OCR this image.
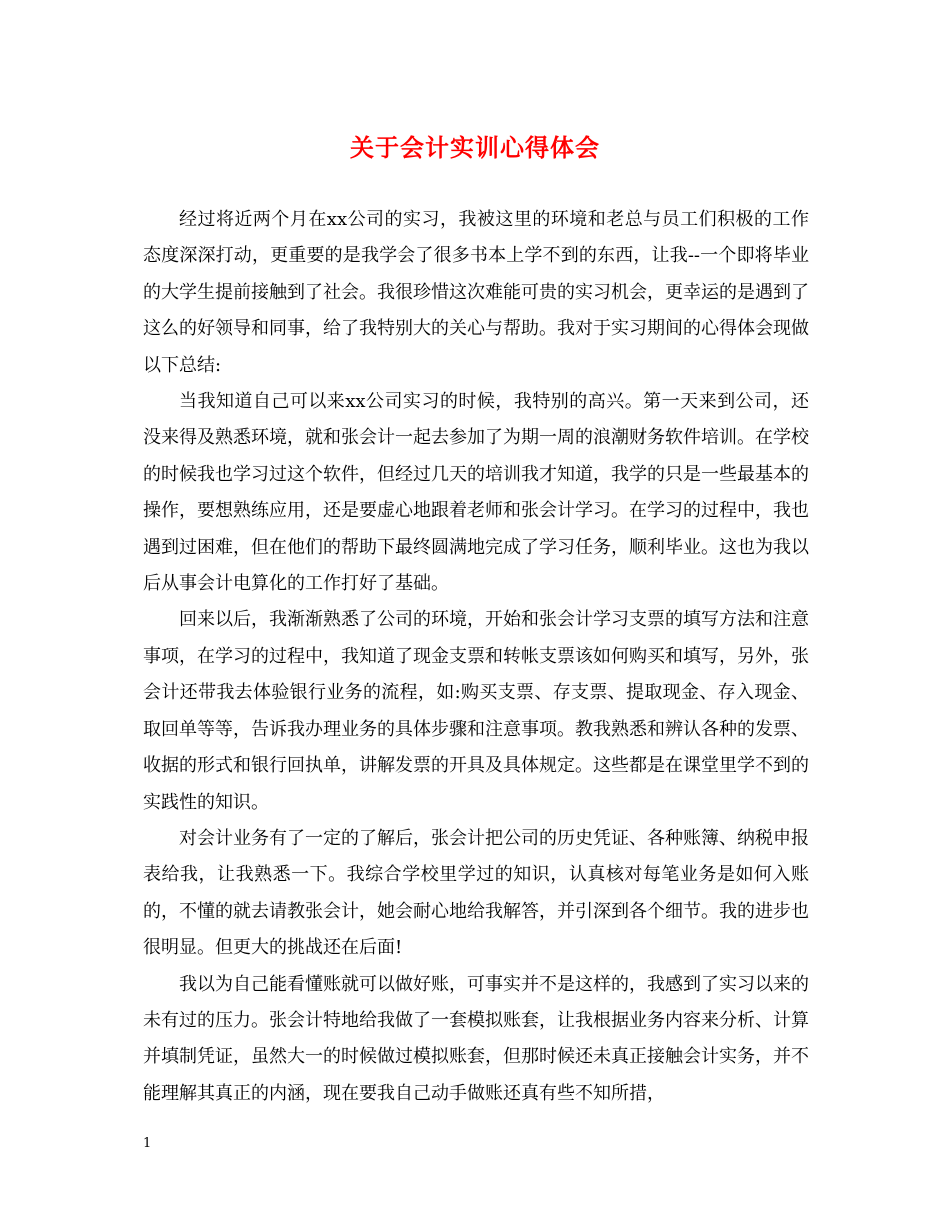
关于会计实训心得体会

经过将近两个月在xx公司的实习，我被这里的环境和老总与员工们积极的工作态度深深打动，更重要的是我学会了很多书本上学不到的东西，让我--一个即将毕业的大学生提前接触到了社会。我很珍惜这次难能可贵的实习机会，更幸运的是遇到了这么的好领导和同事，给了我特别大的关心与帮助。我对于实习期间的心得体会现做以下总结:

当我知道自己可以来xx公司实习的时候，我特别的高兴。第一天来到公司，还没来得及熟悉环境，就和张会计一起去参加了为期一周的浪潮财务软件培训。在学校的时候我也学习过这个软件，但经过几天的培训我才知道，我学的只是一些最基本的操作，要想熟练应用，还是要虚心地跟着老师和张会计学习。在学习的过程中，我也遇到过困难，但在他们的帮助下最终圆满地完成了学习任务，顺利毕业。这也为我以后从事会计电算化的工作打好了基础。

回来以后，我渐渐熟悉了公司的环境，开始和张会计学习支票的填写方法和注意事项，在学习的过程中，我知道了现金支票和转帐支票该如何购买和填写，另外，张会计还带我去体验银行业务的流程，如:购买支票、存支票、提取现金、存入现金、取回单等等，告诉我办理业务的具体步骤和注意事项。教我熟悉和辨认各种的发票、收据的形式和银行回执单，讲解发票的开具及具体规定。这些都是在课堂里学不到的实践性的知识。

对会计业务有了一定的了解后，张会计把公司的历史凭证、各种账簿、纳税申报表给我，让我熟悉一下。我综合学校里学过的知识，认真核对每笔业务是如何入账的，不懂的就去请教张会计，她会耐心地给我解答，并引深到各个细节。我的进步也很明显。但更大的挑战还在后面!

我以为自己能看懂账就可以做好账，可事实并不是这样的，我感到了实习以来的未有过的压力。张会计特地给我做了一套模拟账套，让我根据业务内容来分析、计算并填制凭证，虽然大一的时候做过模拟账套，但那时候还未真正接触会计实务，并不能理解其真正的内涵，现在要我自己动手做账还真有些不知所措，

1
